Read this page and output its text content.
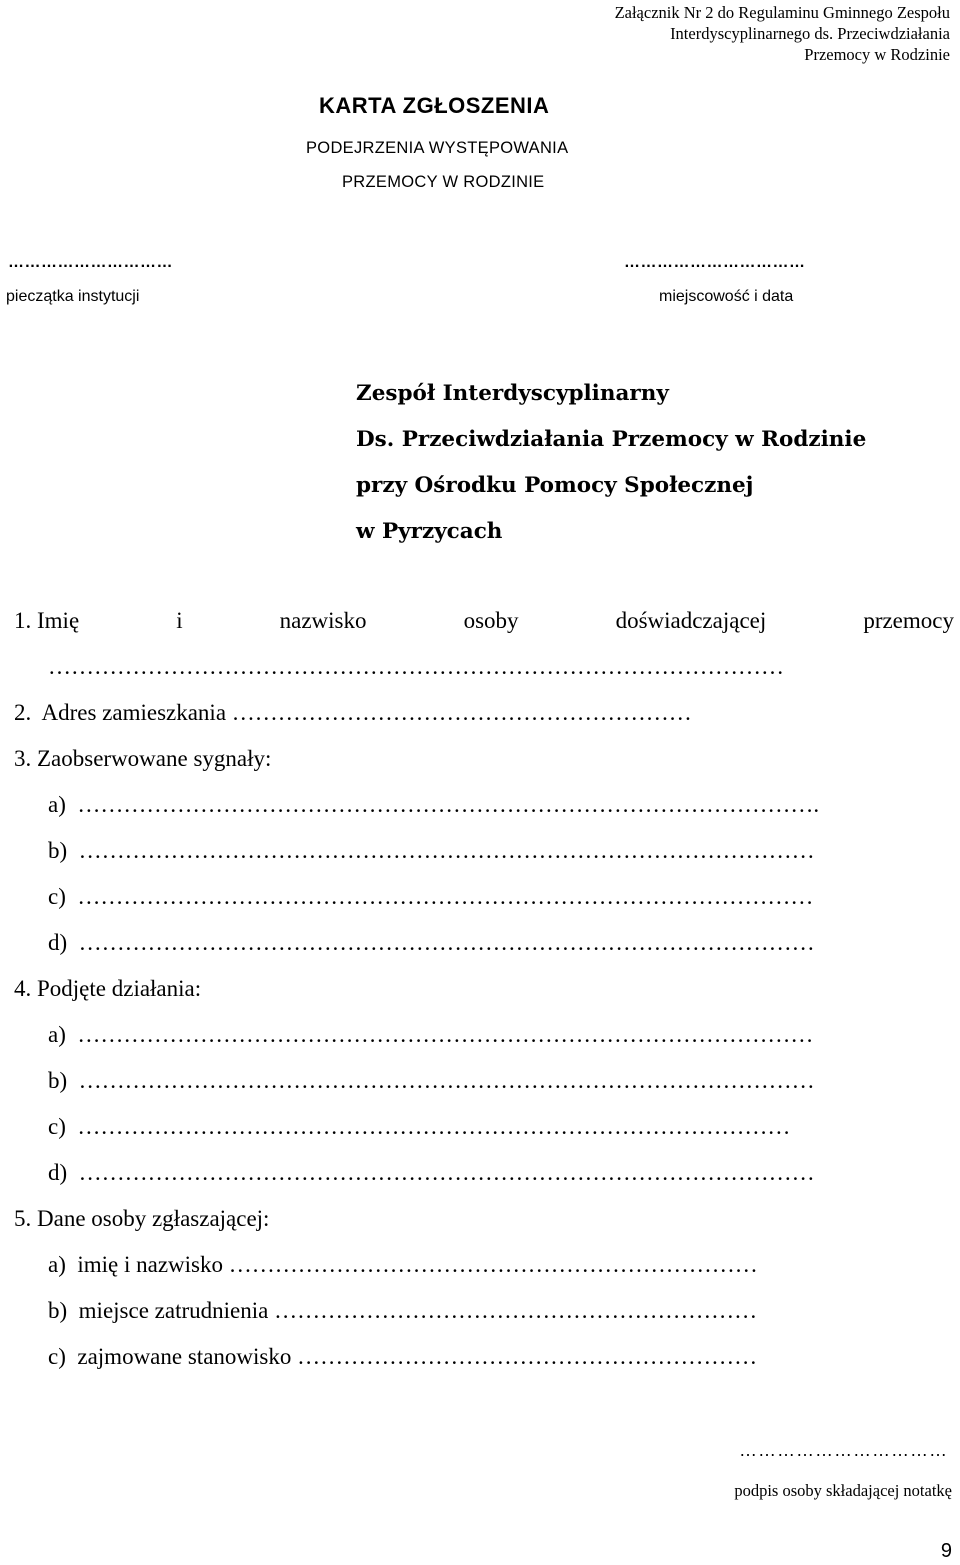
Załącznik Nr 2 do Regulaminu Gminnego Zespołu
Interdyscyplinarnego ds. Przeciwdziałania
Przemocy w Rodzinie
KARTA ZGŁOSZENIA
PODEJRZENIA WYSTĘPOWANIA
PRZEMOCY W RODZINIE
…………………………
pieczątka instytucji
……………………………
miejscowość i data
Zespół Interdyscyplinarny
Ds. Przeciwdziałania Przemocy w Rodzinie
przy Ośrodku Pomocy Społecznej
w Pyrzycach
1. Imię	i	nazwisko	osoby	doświadczającej	przemocy
……………………………………………………………………………………
2. Adres zamieszkania ……………………………………………………
3. Zaobserwowane sygnały:
a) …………………………………………………………………………………….
b) ……………………………………………………………………………………
c) ……………………………………………………………………………………
d) ……………………………………………………………………………………
4. Podjęte działania:
a) ……………………………………………………………………………………
b) ……………………………………………………………………………………
c) …………………………………………………………………………………
d) ……………………………………………………………………………………
5. Dane osoby zgłaszającej:
a) imię i nazwisko ……………………………………………………………
b) miejsce zatrudnienia ………………………………………………………
c) zajmowane stanowisko ……………………………………………………
……………………………
podpis osoby składającej notatkę
9
